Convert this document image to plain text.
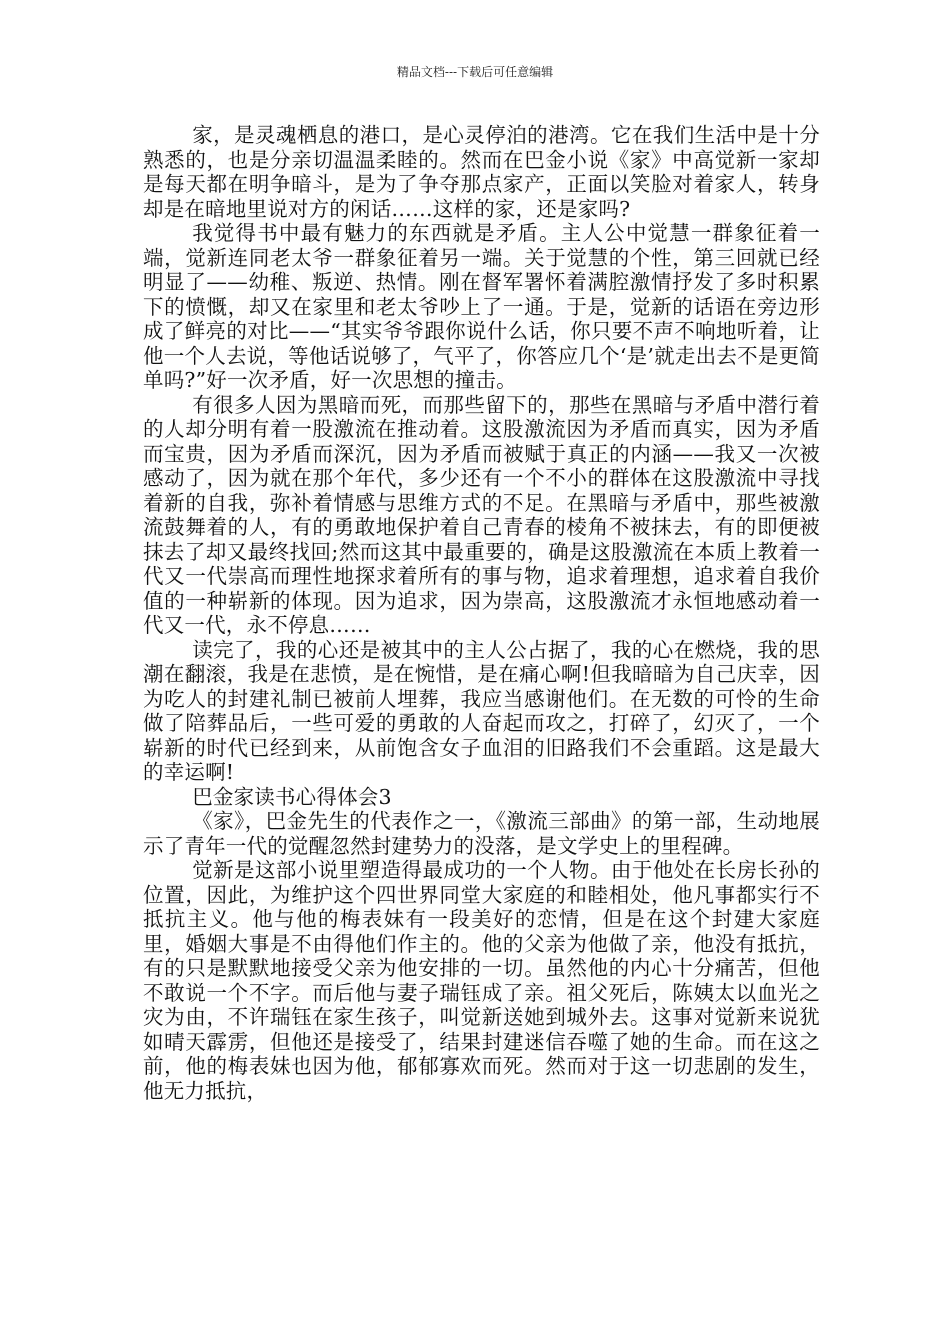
精品文档---下载后可任意编辑

家，是灵魂栖息的港口，是心灵停泊的港湾。它在我们生活中是十分熟悉的，也是分亲切温温柔睦的。然而在巴金小说《家》中高觉新一家却是每天都在明争暗斗，是为了争夺那点家产，正面以笑脸对着家人，转身却是在暗地里说对方的闲话……这样的家，还是家吗?

我觉得书中最有魅力的东西就是矛盾。主人公中觉慧一群象征着一端，觉新连同老太爷一群象征着另一端。关于觉慧的个性，第三回就已经明显了——幼稚、叛逆、热情。刚在督军署怀着满腔激情抒发了多时积累下的愤慨，却又在家里和老太爷吵上了一通。于是，觉新的话语在旁边形成了鲜亮的对比——“其实爷爷跟你说什么话，你只要不声不响地听着，让他一个人去说，等他话说够了，气平了，你答应几个‘是’就走出去不是更简单吗?”好一次矛盾，好一次思想的撞击。

有很多人因为黑暗而死，而那些留下的，那些在黑暗与矛盾中潜行着的人却分明有着一股激流在推动着。这股激流因为矛盾而真实，因为矛盾而宝贵，因为矛盾而深沉，因为矛盾而被赋于真正的内涵——我又一次被感动了，因为就在那个年代，多少还有一个不小的群体在这股激流中寻找着新的自我，弥补着情感与思维方式的不足。在黑暗与矛盾中，那些被激流鼓舞着的人，有的勇敢地保护着自己青春的棱角不被抹去，有的即便被抹去了却又最终找回;然而这其中最重要的，确是这股激流在本质上教着一代又一代崇高而理性地探求着所有的事与物，追求着理想，追求着自我价值的一种崭新的体现。因为追求，因为崇高，这股激流才永恒地感动着一代又一代，永不停息……

读完了，我的心还是被其中的主人公占据了，我的心在燃烧，我的思潮在翻滚，我是在悲愤，是在惋惜，是在痛心啊!但我暗暗为自己庆幸，因为吃人的封建礼制已被前人埋葬，我应当感谢他们。在无数的可怜的生命做了陪葬品后，一些可爱的勇敢的人奋起而攻之，打碎了，幻灭了，一个崭新的时代已经到来，从前饱含女子血泪的旧路我们不会重蹈。这是最大的幸运啊!

巴金家读书心得体会3

《家》，巴金先生的代表作之一，《激流三部曲》的第一部，生动地展示了青年一代的觉醒忽然封建势力的没落，是文学史上的里程碑。

觉新是这部小说里塑造得最成功的一个人物。由于他处在长房长孙的位置，因此，为维护这个四世界同堂大家庭的和睦相处，他凡事都实行不抵抗主义。他与他的梅表妹有一段美好的恋情，但是在这个封建大家庭里，婚姻大事是不由得他们作主的。他的父亲为他做了亲，他没有抵抗，有的只是默默地接受父亲为他安排的一切。虽然他的内心十分痛苦，但他不敢说一个不字。而后他与妻子瑞钰成了亲。祖父死后，陈姨太以血光之灾为由，不许瑞钰在家生孩子，叫觉新送她到城外去。这事对觉新来说犹如晴天霹雳，但他还是接受了，结果封建迷信吞噬了她的生命。而在这之前，他的梅表妹也因为他，郁郁寡欢而死。然而对于这一切悲剧的发生，他无力抵抗，
